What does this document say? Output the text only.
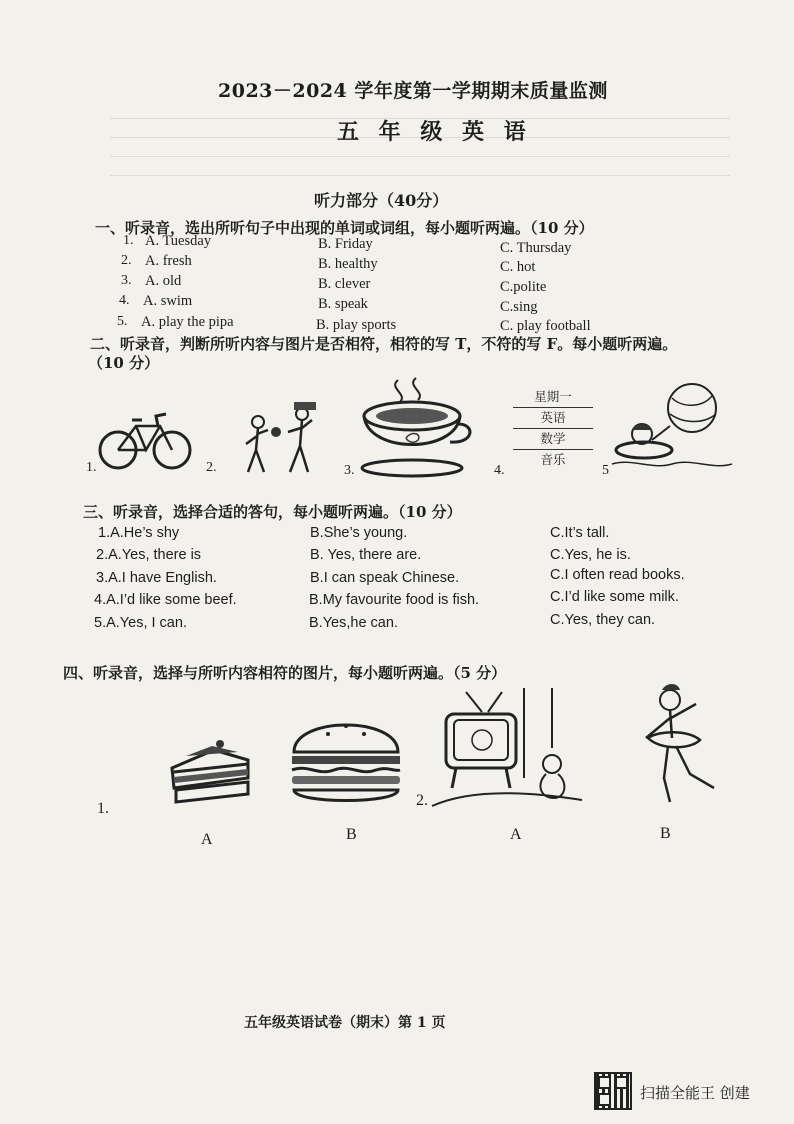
2023－2024 学年度第一学期期末质量监测
五 年 级 英 语
听力部分（40分）
一、听录音，选出所听句子中出现的单词或词组，每小题听两遍。（10 分）
1. A. Tuesday	B. Friday	C. Thursday
2. A. fresh	B. healthy	C. hot
3. A. old	B. clever	C.polite
4. A. swim	B. speak	C.sing
5. A. play the pipa	B. play sports	C. play football
二、听录音，判断所听内容与图片是否相符，相符的写 T，不符的写 F。每小题听两遍。
（10 分）
星期一
英语
数学
音乐
1.	2.	3.	4.	5
三、听录音，选择合适的答句，每小题听两遍。（10 分）
1.A.He’s shy	B.She’s young.	C.It’s tall.
2.A.Yes, there is	B. Yes, there are.	C.Yes, he is.
3.A.I have English.	B.I can speak Chinese.	C.I often read books.
4.A.I’d like some beef.	B.My favourite food is fish.	C.I’d like some milk.
5.A.Yes, I can.	B.Yes,he can.	C.Yes, they can.
四、听录音，选择与所听内容相符的图片，每小题听两遍。（5 分）
1.	2.
A	B	A	B
五年级英语试卷（期末）第 1 页
扫描全能王 创建
